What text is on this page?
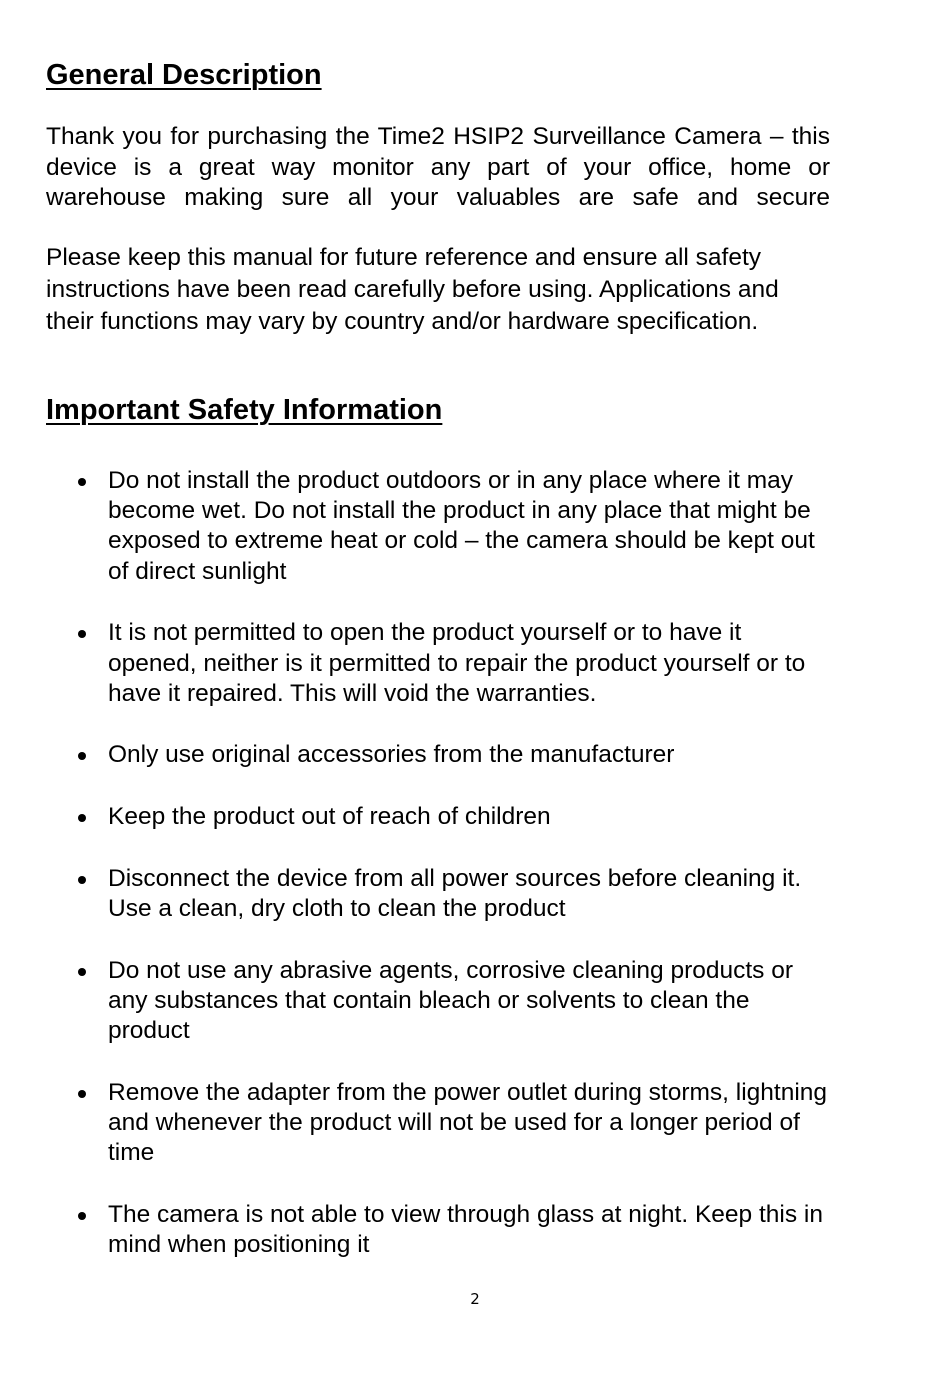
General Description

Thank you for purchasing the Time2 HSIP2 Surveillance Camera – this device is a great way monitor any part of your office, home or warehouse making sure all your valuables are safe and secure

Please keep this manual for future reference and ensure all safety instructions have been read carefully before using. Applications and their functions may vary by country and/or hardware specification.

Important Safety Information
Do not install the product outdoors or in any place where it may become wet. Do not install the product in any place that might be exposed to extreme heat or cold – the camera should be kept out of direct sunlight
It is not permitted to open the product yourself or to have it opened, neither is it permitted to repair the product yourself or to have it repaired. This will void the warranties.
Only use original accessories from the manufacturer
Keep the product out of reach of children
Disconnect the device from all power sources before cleaning it. Use a clean, dry cloth to clean the product
Do not use any abrasive agents, corrosive cleaning products or any substances that contain bleach or solvents to clean the product
Remove the adapter from the power outlet during storms, lightning and whenever the product will not be used for a longer period of time
The camera is not able to view through glass at night. Keep this in mind when positioning it
2
